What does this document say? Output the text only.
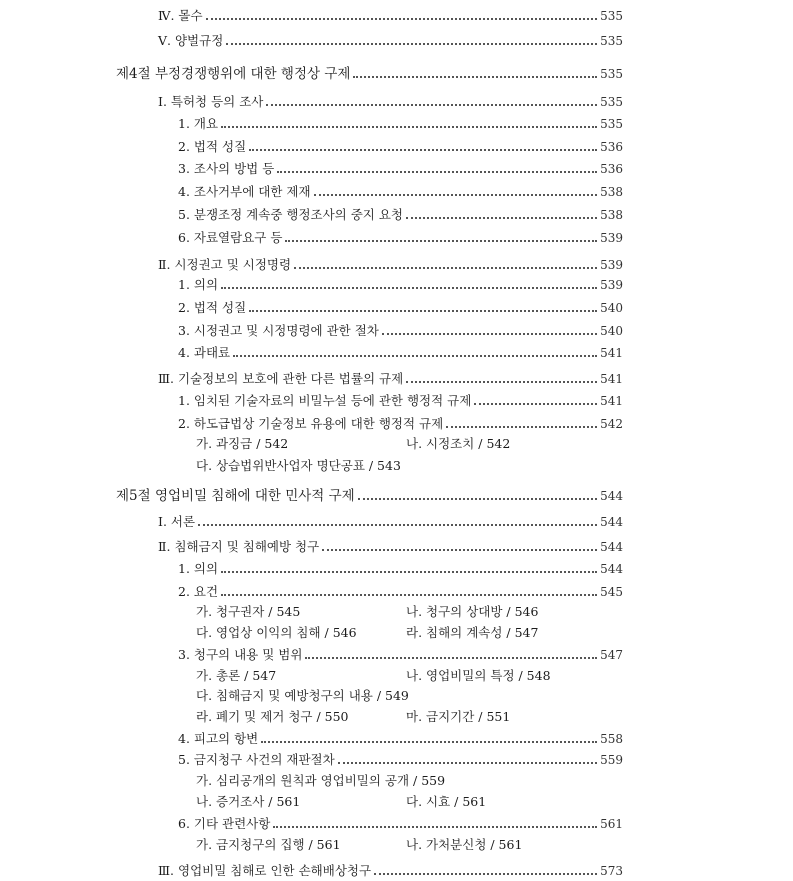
Ⅳ. 몰수	535
Ⅴ. 양벌규정	535
제4절 부정경쟁행위에 대한 행정상 구제	535
Ⅰ. 특허청 등의 조사	535
1. 개요	535
2. 법적 성질	536
3. 조사의 방법 등	536
4. 조사거부에 대한 제재	538
5. 분쟁조정 계속중 행정조사의 중지 요청	538
6. 자료열람요구 등	539
Ⅱ. 시정권고 및 시정명령	539
1. 의의	539
2. 법적 성질	540
3. 시정권고 및 시정명령에 관한 절차	540
4. 과태료	541
Ⅲ. 기술정보의 보호에 관한 다른 법률의 규제	541
1. 임치된 기술자료의 비밀누설 등에 관한 행정적 규제	541
2. 하도급법상 기술정보 유용에 대한 행정적 규제	542
가. 과징금 / 542	나. 시정조치 / 542
다. 상습법위반사업자 명단공표 / 543
제5절 영업비밀 침해에 대한 민사적 구제	544
Ⅰ. 서론	544
Ⅱ. 침해금지 및 침해예방 청구	544
1. 의의	544
2. 요건	545
가. 청구권자 / 545	나. 청구의 상대방 / 546
다. 영업상 이익의 침해 / 546	라. 침해의 계속성 / 547
3. 청구의 내용 및 범위	547
가. 총론 / 547	나. 영업비밀의 특정 / 548
다. 침해금지 및 예방청구의 내용 / 549
라. 폐기 및 제거 청구 / 550	마. 금지기간 / 551
4. 피고의 항변	558
5. 금지청구 사건의 재판절차	559
가. 심리공개의 원칙과 영업비밀의 공개 / 559
나. 증거조사 / 561	다. 시효 / 561
6. 기타 관련사항	561
가. 금지청구의 집행 / 561	나. 가처분신청 / 561
Ⅲ. 영업비밀 침해로 인한 손해배상청구	573
